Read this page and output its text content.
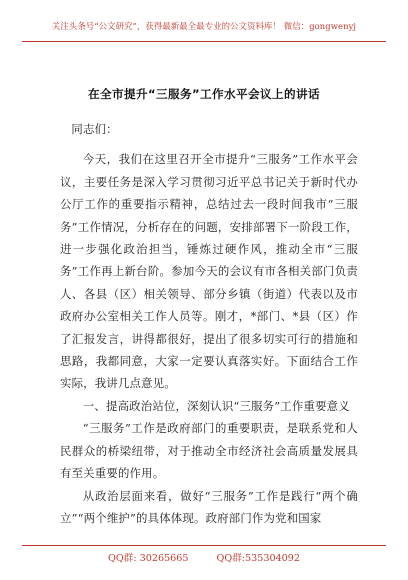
关注头条号“公文研究”，获得最新最全最专业的公文资料库！ 微信：gongwenyj
在全市提升“三服务”工作水平会议上的讲话

同志们：

今天，我们在这里召开全市提升“三服务”工作水平会议，主要任务是深入学习贯彻习近平总书记关于新时代办公厅工作的重要指示精神，总结过去一段时间我市“三服务”工作情况，分析存在的问题，安排部署下一阶段工作，进一步强化政治担当，锤炼过硬作风，推动全市“三服务”工作再上新台阶。参加今天的会议有市各相关部门负责人、各县（区）相关领导、部分乡镇（街道）代表以及市政府办公室相关工作人员等。刚才，*部门、*县（区）作了汇报发言，讲得都很好，提出了很多切实可行的措施和思路，我都同意，大家一定要认真落实好。下面结合工作实际，我讲几点意见。

一、提高政治站位，深刻认识“三服务”工作重要意义

“三服务”工作是政府部门的重要职责，是联系党和人民群众的桥梁纽带，对于推动全市经济社会高质量发展具有至关重要的作用。

从政治层面来看，做好“三服务”工作是践行“两个确立”“两个维护”的具体体现。政府部门作为党和国家

QQ群: 30265665	QQ群:535304092
